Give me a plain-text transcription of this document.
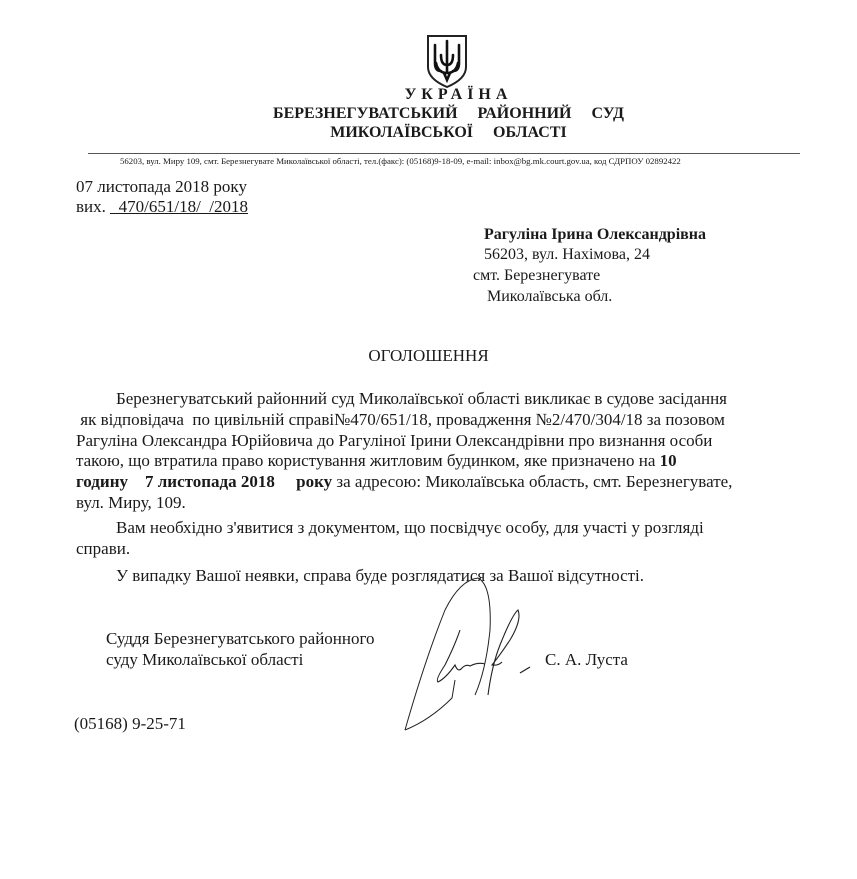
УКРАЇНА
БЕРЕЗНЕГУВАТСЬКИЙ  РАЙОННИЙ  СУД
МИКОЛАЇВСЬКОЇ  ОБЛАСТІ
56203, вул. Миру 109, смт. Березнегувате Миколаївської області, тел.(факс): (05168)9-18-09, e-mail: inbox@bg.mk.court.gov.ua, код СДРПОУ 02892422
07 листопада 2018 року
вих. _470/651/18/  /2018
Рагуліна Ірина Олександрівна
56203, вул. Нахімова, 24
смт. Березнегувате
Миколаївська обл.
ОГОЛОШЕННЯ
Березнегуватський районний суд Миколаївської області викликає в судове засідання
як відповідача  по цивільній справі№470/651/18, провадження №2/470/304/18 за позовом
Рагуліна Олександра Юрійовича до Рагуліної Ірини Олександрівни про визнання особи
такою, що втратила право користування житловим будинком, яке призначено на 10
годину 7 листопада 2018 року за адресою: Миколаївська область, смт. Березнегувате,
вул. Миру, 109.
Вам необхідно з'явитися з документом, що посвідчує особу, для участі у розгляді
справи.
У випадку Вашої неявки, справа буде розглядатися за Вашої відсутності.
Суддя Березнегуватського районного
суду Миколаївської області	С. А. Луста
(05168) 9-25-71
